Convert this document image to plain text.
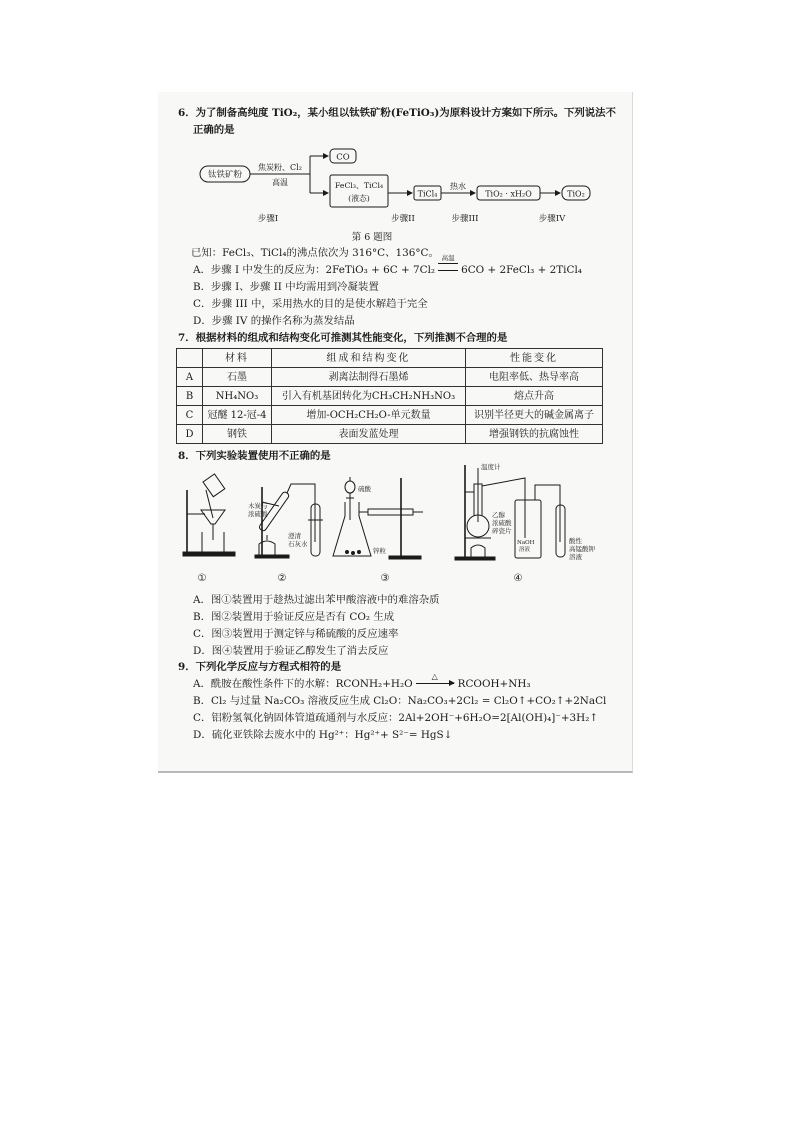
6．为了制备高纯度 TiO₂，某小组以钛铁矿粉(FeTiO₃)为原料设计方案如下所示。下列说法不
正确的是
钛铁矿粉
焦炭粉、Cl₂
高温
CO
FeCl₃、TiCl₄
(液态)	TiCl₄
热水
TiO₂ · xH₂O	TiO₂
步骤I	步骤II	步骤III	步骤IV
第 6 题图
已知：FeCl₃、TiCl₄的沸点依次为 316°C、136°C。
A．步骤 I 中发生的反应为：2FeTiO₃ + 6C + 7Cl₂
高温
6CO + 2FeCl₃ + 2TiCl₄
B．步骤 I、步骤 II 中均需用到冷凝装置
C．步骤 III 中，采用热水的目的是使水解趋于完全
D．步骤 IV 的操作名称为蒸发结晶
7．根据材料的组成和结构变化可推测其性能变化，下列推测不合理的是
	材料	组成和结构变化	性能变化
A	石墨	剥离法制得石墨烯	电阻率低、热导率高
B	NH₄NO₃	引入有机基团转化为CH₃CH₂NH₃NO₃	熔点升高
C	冠醚 12-冠-4	增加-OCH₂CH₂O-单元数量	识别半径更大的碱金属离子
D	钢铁	表面发蓝处理	增强钢铁的抗腐蚀性
8．下列实验装置使用不正确的是
木炭与
浓硫酸
澄清
石灰水
硫酸
锌粒
温度计
乙醇
浓硫酸
碎瓷片
NaOH
溶液
酸性
高锰酸钾
溶液
①	②	③	④
A．图①装置用于趁热过滤出苯甲酸溶液中的难溶杂质
B．图②装置用于验证反应是否有 CO₂ 生成
C．图③装置用于测定锌与稀硫酸的反应速率
D．图④装置用于验证乙醇发生了消去反应
9．下列化学反应与方程式相符的是
A．酰胺在酸性条件下的水解：RCONH₂+H₂O
△
RCOOH+NH₃
B．Cl₂ 与过量 Na₂CO₃ 溶液反应生成 Cl₂O：Na₂CO₃+2Cl₂ = Cl₂O↑+CO₂↑+2NaCl
C．铝粉氢氧化钠固体管道疏通剂与水反应：2Al+2OH⁻+6H₂O=2[Al(OH)₄]⁻+3H₂↑
D．硫化亚铁除去废水中的 Hg²⁺：Hg²⁺+ S²⁻= HgS↓
